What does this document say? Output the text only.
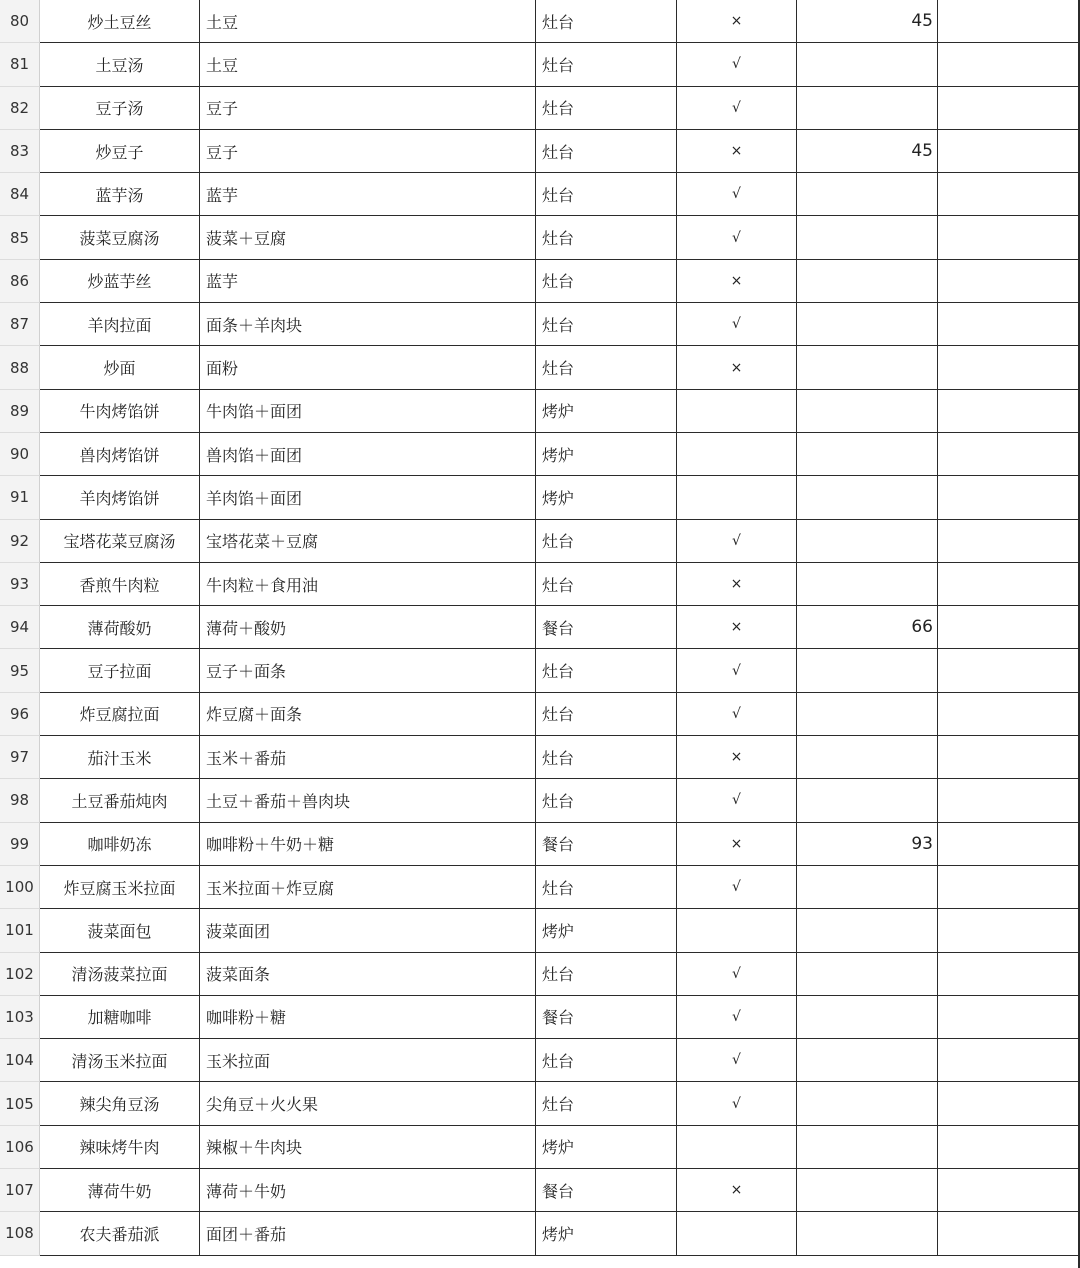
80	炒土豆丝	土豆	灶台	×	45
81	土豆汤	土豆	灶台	√
82	豆子汤	豆子	灶台	√
83	炒豆子	豆子	灶台	×	45
84	蓝芋汤	蓝芋	灶台	√
85	菠菜豆腐汤	菠菜＋豆腐	灶台	√
86	炒蓝芋丝	蓝芋	灶台	×
87	羊肉拉面	面条＋羊肉块	灶台	√
88	炒面	面粉	灶台	×
89	牛肉烤馅饼	牛肉馅＋面团	烤炉
90	兽肉烤馅饼	兽肉馅＋面团	烤炉
91	羊肉烤馅饼	羊肉馅＋面团	烤炉
92	宝塔花菜豆腐汤	宝塔花菜＋豆腐	灶台	√
93	香煎牛肉粒	牛肉粒＋食用油	灶台	×
94	薄荷酸奶	薄荷＋酸奶	餐台	×	66
95	豆子拉面	豆子＋面条	灶台	√
96	炸豆腐拉面	炸豆腐＋面条	灶台	√
97	茄汁玉米	玉米＋番茄	灶台	×
98	土豆番茄炖肉	土豆＋番茄＋兽肉块	灶台	√
99	咖啡奶冻	咖啡粉＋牛奶＋糖	餐台	×	93
100	炸豆腐玉米拉面	玉米拉面＋炸豆腐	灶台	√
101	菠菜面包	菠菜面团	烤炉
102	清汤菠菜拉面	菠菜面条	灶台	√
103	加糖咖啡	咖啡粉＋糖	餐台	√
104	清汤玉米拉面	玉米拉面	灶台	√
105	辣尖角豆汤	尖角豆＋火火果	灶台	√
106	辣味烤牛肉	辣椒＋牛肉块	烤炉
107	薄荷牛奶	薄荷＋牛奶	餐台	×
108	农夫番茄派	面团＋番茄	烤炉
